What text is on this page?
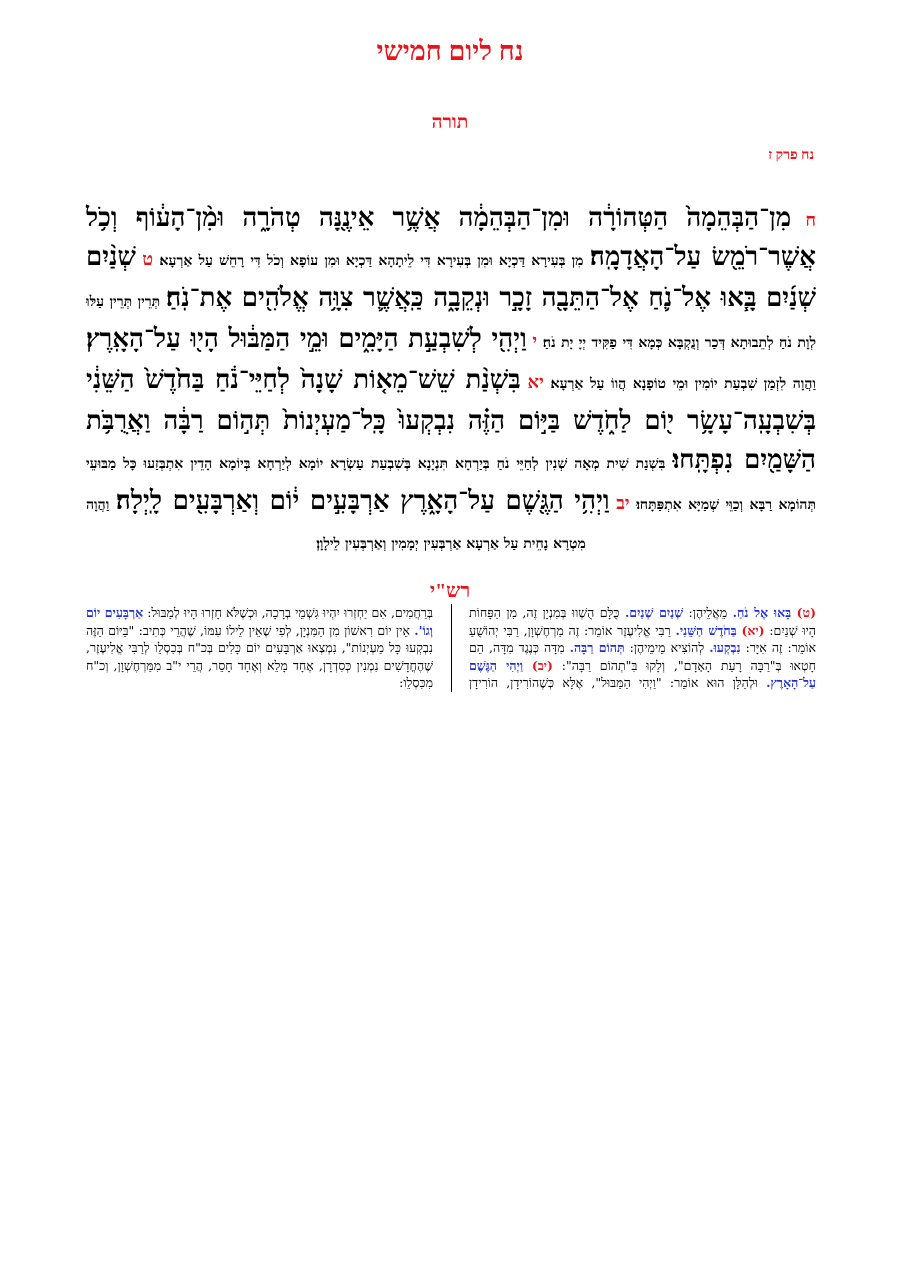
נח ליום חמישי
תורה
נח פרק ז
ח מִן־הַבְּהֵמָה֙ הַטְּהוֹרָ֔ה וּמִן־הַבְּהֵמָ֔ה אֲשֶׁ֥ר אֵינֶ֖נָּה טְהֹרָ֑ה וּמִ֨ן־הָע֔וֹף וְכֹ֥ל אֲשֶׁר־רֹמֵ֖שׂ עַל־הָאֲדָמָֽה׃ מִן בְּעִירָא דַּכְיָא וּמִן בְּעִירָא דִּי לֵיתָהָא דַּכְיָא וּמִן עוֹפָא וְכֹל דִּי רָחֵשׁ עַל אַרְעָא׃ ט שְׁנַ֨יִם שְׁנַ֜יִם בָּ֧אוּ אֶל־נֹ֛חַ אֶל־הַתֵּבָ֖ה זָכָ֣ר וּנְקֵבָ֑ה כַּֽאֲשֶׁ֛ר צִוָּ֥ה אֱלֹהִ֖ים אֶת־נֹֽחַ׃ תְּרֵין תְּרֵין עַלּוּ לְוָת נֹחַ לְתֵבוּתָא דְּכַר וְנֻקְבָּא כְּמָא דִּי פַקִּיד יְיָ יָת נֹחַ׃ י וַיְהִ֖י לְשִׁבְעַ֣ת הַיָּמִ֑ים וּמֵ֣י הַמַּבּ֔וּל הָי֖וּ עַל־הָאָֽרֶץ׃ וַהֲוָה לִזְמַן שִׁבְעַת יוֹמִין וּמֵי טוֹפָנָא הֲווֹ עַל אַרְעָא׃ יא בִּשְׁנַ֨ת שֵׁשׁ־מֵא֤וֹת שָׁנָה֙ לְחַיֵּי־נֹ֔חַ בַּחֹ֙דֶשׁ֙ הַשֵּׁנִ֔י בְּשִׁבְעָֽה־עָשָׂ֥ר י֖וֹם לַחֹ֑דֶשׁ בַּיּ֣וֹם הַזֶּ֗ה נִבְקְעוּ֙ כָּֽל־מַעְיְנוֹת֙ תְּה֣וֹם רַבָּ֔ה וַאֲרֻבֹּ֥ת הַשָּׁמַ֖יִם נִפְתָּֽחוּ׃ בִּשְׁנַת שִׁית מְאָה שְׁנִין לְחַיֵּי נֹחַ בְּיַרְחָא תִּנְיָנָא בְּשִׁבְעַת עַשְׂרָא יוֹמָא לְיַרְחָא בְּיוֹמָא הָדֵין אִתְבְּזַעוּ כָּל מַבּוּעֵי תְּהוֹמָא רַבָּא וְכַוֵּי שְׁמַיָּא אִתְפַּתָּחוּ׃ יב וַיְהִ֥י הַגֶּ֖שֶׁם עַל־הָאָ֑רֶץ אַרְבָּעִ֣ים י֔וֹם וְאַרְבָּעִ֖ים לָֽיְלָה׃ וַהֲוָה מִטְרָא נָחֵית עַל אַרְעָא אַרְבְּעִין יְמָמִין וְאַרְבְּעִין לֵילָוָן׃
רש"י

(ט) בָּאוּ אֶל נֹחַ. מֵאֲלֵיהֶן: שְׁנַיִם שְׁנַיִם. כֻּלָּם הֻשְׁווּ בְּמִנְיָן זֶה, מִן הַפָּחוֹת הָיוּ שְׁנַיִם: (יא) בַּחֹדֶשׁ הַשֵּׁנִי. רַבִּי אֱלִיעֶזֶר אוֹמֵר: זֶה מַרְחֶשְׁוָן, רַבִּי יְהוֹשֻׁעַ אוֹמֵר: זֶה אִיָּר: נִבְקְעוּ. לְהוֹצִיא מֵימֵיהֶן: תְּהוֹם רַבָּה. מִדָּה כְּנֶגֶד מִדָּה, הֵם חָטְאוּ בְּ"רַבָּה רָעַת הָאָדָם", וְלָקוּ בִּ"תְהוֹם רַבָּה": (יב) וַיְהִי הַגֶּשֶׁם עַל־הָאָרֶץ. וּלְהַלָּן הוּא אוֹמֵר: "וַיְהִי הַמַּבּוּל", אֶלָּא כְּשֶׁהוֹרִידָן, הוֹרִידָן בְּרַחֲמִים, אִם יַחְזְרוּ יִהְיוּ גִּשְׁמֵי בְרָכָה, וּכְשֶׁלֹּא חָזְרוּ הָיוּ לְמַבּוּל: אַרְבָּעִים יוֹם וְגוֹ'. אֵין יוֹם רִאשׁוֹן מִן הַמִּנְיָן, לְפִי שֶׁאֵין לֵילוֹ עִמּוֹ, שֶׁהֲרֵי כְּתִיב: "בַּיּוֹם הַזֶּה נִבְקְעוּ כָּל מַעְיְנוֹת", נִמְצְאוּ אַרְבָּעִים יוֹם כָּלִים בְּכ"ח בְּכִסְלֵו לְרַבִּי אֱלִיעֶזֶר, שֶׁהֶחֳדָשִׁים נִמְנִין כְּסִדְרָן, אֶחָד מָלֵא וְאֶחָד חָסֵר, הֲרֵי י"ב מִמַּרְחֶשְׁוָן, וְכ"ח מִכִּסְלֵו:
